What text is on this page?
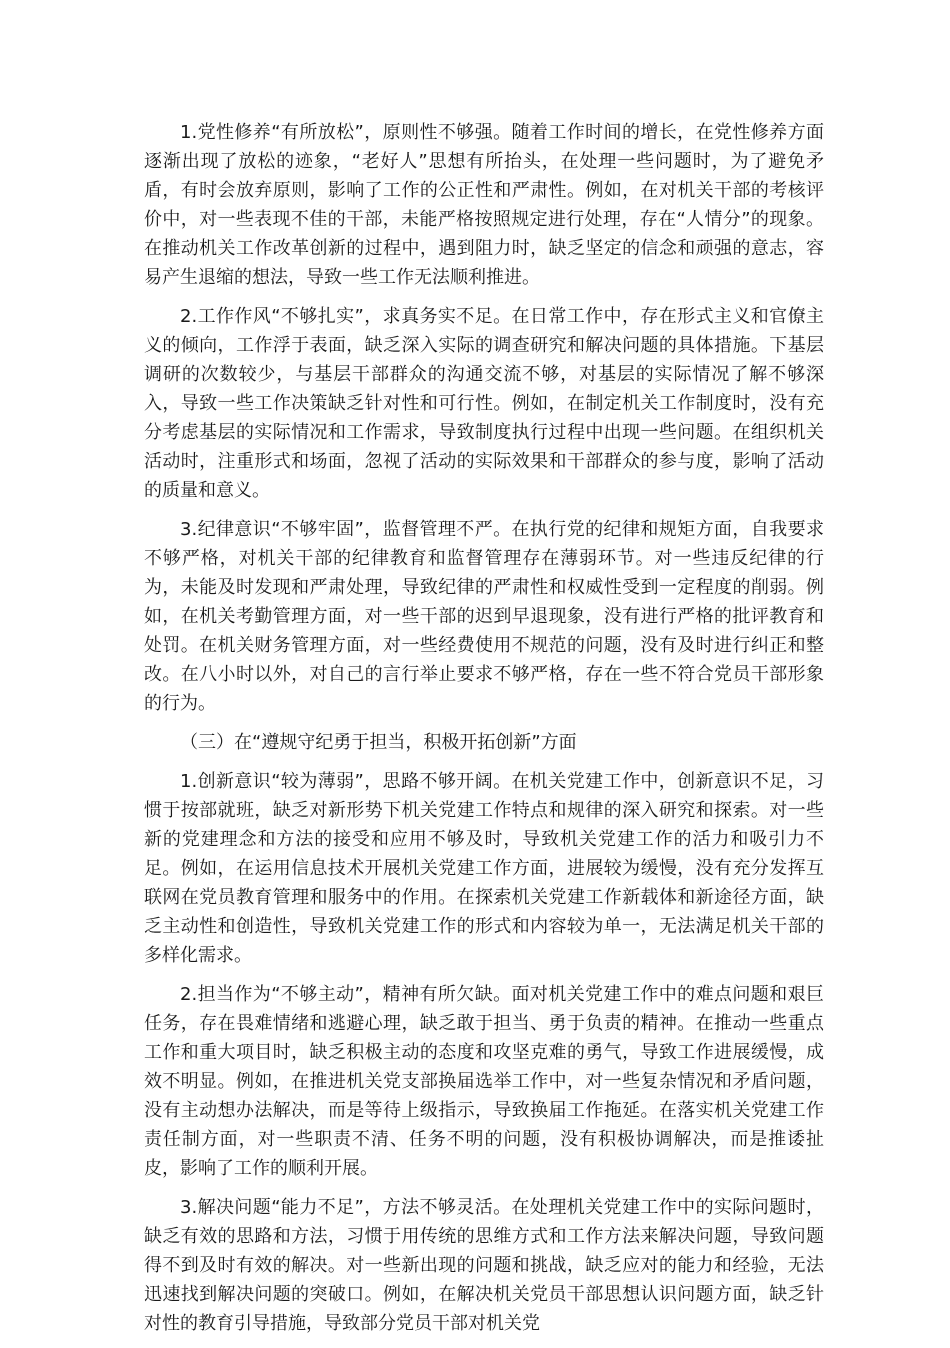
1.党性修养“有所放松”，原则性不够强。随着工作时间的增长，在党性修养方面逐渐出现了放松的迹象，“老好人”思想有所抬头，在处理一些问题时，为了避免矛盾，有时会放弃原则，影响了工作的公正性和严肃性。例如，在对机关干部的考核评价中，对一些表现不佳的干部，未能严格按照规定进行处理，存在“人情分”的现象。在推动机关工作改革创新的过程中，遇到阻力时，缺乏坚定的信念和顽强的意志，容易产生退缩的想法，导致一些工作无法顺利推进。

2.工作作风“不够扎实”，求真务实不足。在日常工作中，存在形式主义和官僚主义的倾向，工作浮于表面，缺乏深入实际的调查研究和解决问题的具体措施。下基层调研的次数较少，与基层干部群众的沟通交流不够，对基层的实际情况了解不够深入，导致一些工作决策缺乏针对性和可行性。例如，在制定机关工作制度时，没有充分考虑基层的实际情况和工作需求，导致制度执行过程中出现一些问题。在组织机关活动时，注重形式和场面，忽视了活动的实际效果和干部群众的参与度，影响了活动的质量和意义。

3.纪律意识“不够牢固”，监督管理不严。在执行党的纪律和规矩方面，自我要求不够严格，对机关干部的纪律教育和监督管理存在薄弱环节。对一些违反纪律的行为，未能及时发现和严肃处理，导致纪律的严肃性和权威性受到一定程度的削弱。例如，在机关考勤管理方面，对一些干部的迟到早退现象，没有进行严格的批评教育和处罚。在机关财务管理方面，对一些经费使用不规范的问题，没有及时进行纠正和整改。在八小时以外，对自己的言行举止要求不够严格，存在一些不符合党员干部形象的行为。

（三）在“遵规守纪勇于担当，积极开拓创新”方面

1.创新意识“较为薄弱”，思路不够开阔。在机关党建工作中，创新意识不足，习惯于按部就班，缺乏对新形势下机关党建工作特点和规律的深入研究和探索。对一些新的党建理念和方法的接受和应用不够及时，导致机关党建工作的活力和吸引力不足。例如，在运用信息技术开展机关党建工作方面，进展较为缓慢，没有充分发挥互联网在党员教育管理和服务中的作用。在探索机关党建工作新载体和新途径方面，缺乏主动性和创造性，导致机关党建工作的形式和内容较为单一，无法满足机关干部的多样化需求。

2.担当作为“不够主动”，精神有所欠缺。面对机关党建工作中的难点问题和艰巨任务，存在畏难情绪和逃避心理，缺乏敢于担当、勇于负责的精神。在推动一些重点工作和重大项目时，缺乏积极主动的态度和攻坚克难的勇气，导致工作进展缓慢，成效不明显。例如，在推进机关党支部换届选举工作中，对一些复杂情况和矛盾问题，没有主动想办法解决，而是等待上级指示，导致换届工作拖延。在落实机关党建工作责任制方面，对一些职责不清、任务不明的问题，没有积极协调解决，而是推诿扯皮，影响了工作的顺利开展。

3.解决问题“能力不足”，方法不够灵活。在处理机关党建工作中的实际问题时，缺乏有效的思路和方法，习惯于用传统的思维方式和工作方法来解决问题，导致问题得不到及时有效的解决。对一些新出现的问题和挑战，缺乏应对的能力和经验，无法迅速找到解决问题的突破口。例如，在解决机关党员干部思想认识问题方面，缺乏针对性的教育引导措施，导致部分党员干部对机关党
